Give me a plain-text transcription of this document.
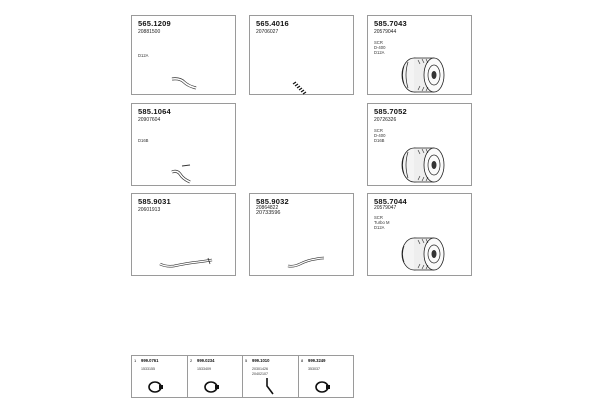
565.1209
20881500
D12A
565.4016
20706027
585.7043
20579044
SCR
D-400
D12A
585.1064
20907604
D16B
585.7052
20726326
SCR
D-400
D16B
585.9031
20601913
585.9032
20864822
20733596
585.7044
20579047
SCR
Turbo M
D12A
1 999.0761
1533155
2 999.0234
1533409
5 999.1010
20301426
20402107
8 999.3249
353037
